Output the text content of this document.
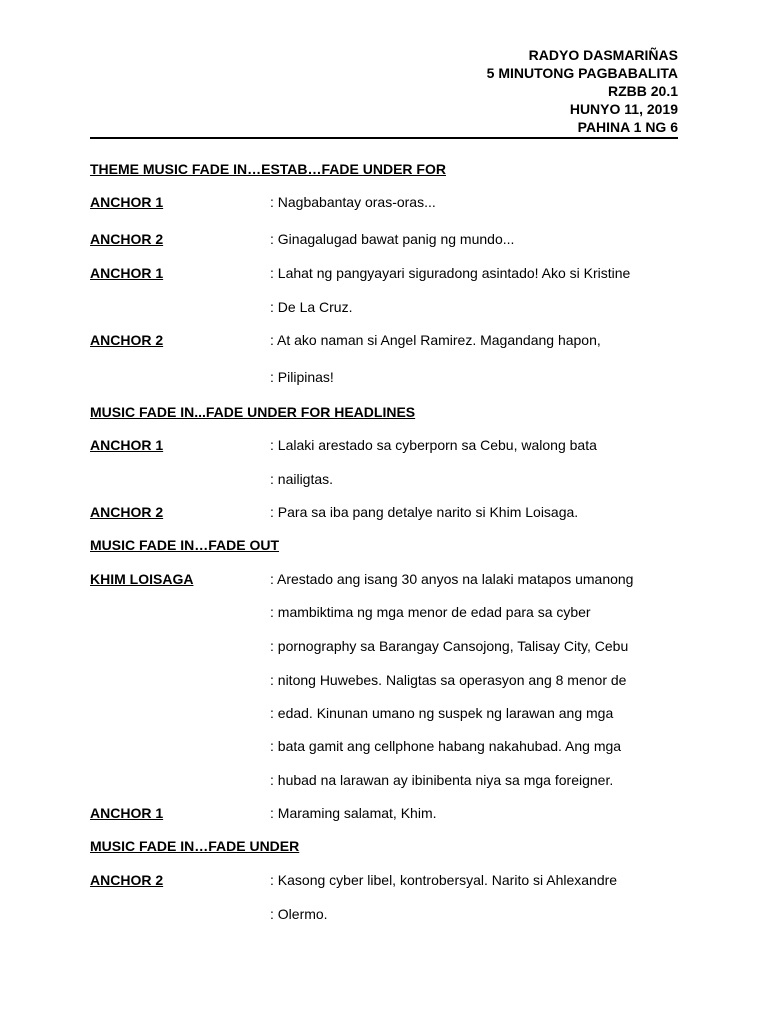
RADYO DASMARIÑAS
5 MINUTONG PAGBABALITA
RZBB 20.1
HUNYO 11, 2019
PAHINA 1 NG 6
THEME MUSIC FADE IN…ESTAB…FADE UNDER FOR
ANCHOR 1	: Nagbabantay oras-oras...
ANCHOR 2	: Ginagalugad bawat panig ng mundo...
ANCHOR 1	: Lahat ng pangyayari siguradong asintado! Ako si Kristine
: De La Cruz.
ANCHOR 2	: At ako naman si Angel Ramirez. Magandang hapon,
: Pilipinas!
MUSIC FADE IN...FADE UNDER FOR HEADLINES
ANCHOR 1	: Lalaki arestado sa cyberporn sa Cebu, walong bata
: nailigtas.
ANCHOR 2	: Para sa iba pang detalye narito si Khim Loisaga.
MUSIC FADE IN…FADE OUT
KHIM LOISAGA	: Arestado ang isang 30 anyos na lalaki matapos umanong
: mambiktima ng mga menor de edad para sa cyber
: pornography sa Barangay Cansojong, Talisay City, Cebu
: nitong Huwebes. Naligtas sa operasyon ang 8 menor de
: edad. Kinunan umano ng suspek ng larawan ang mga
: bata gamit ang cellphone habang nakahubad. Ang mga
: hubad na larawan ay ibinibenta niya sa mga foreigner.
ANCHOR 1	: Maraming salamat, Khim.
MUSIC FADE IN…FADE UNDER
ANCHOR 2	: Kasong cyber libel, kontrobersyal. Narito si Ahlexandre
: Olermo.
